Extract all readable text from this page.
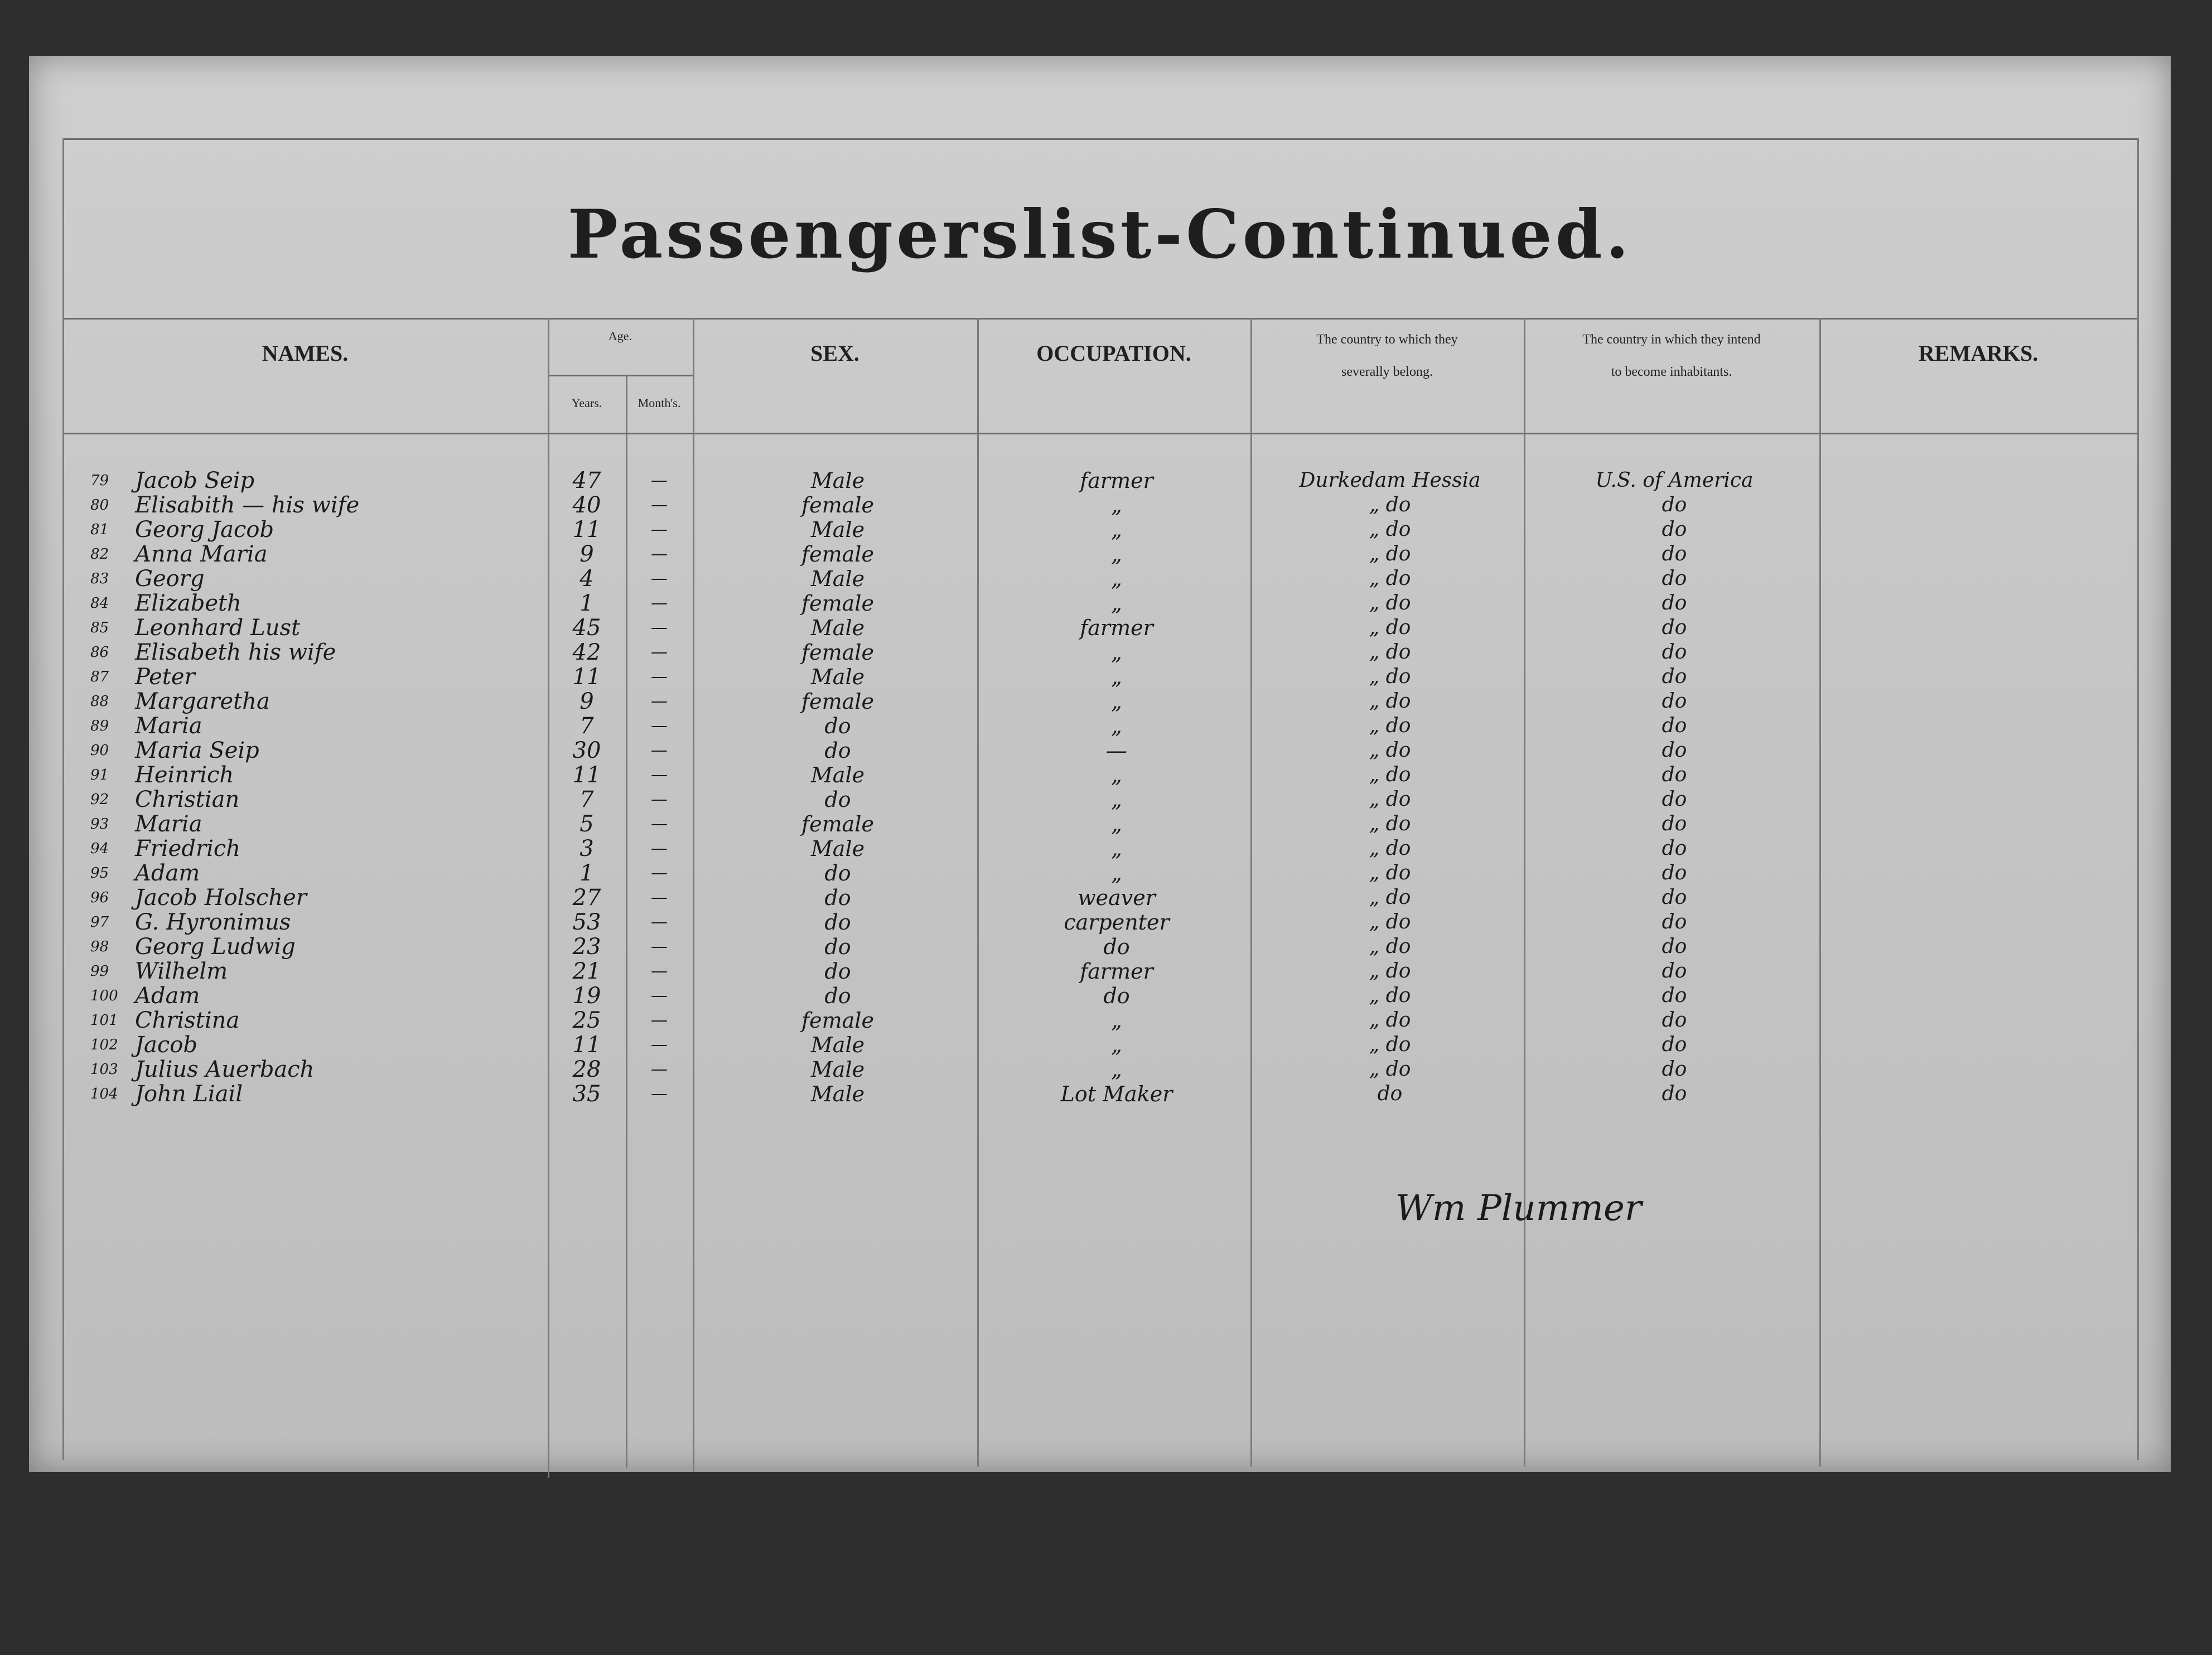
Passengerslist-Continued.
NAMES.
Age.
Years.	Month's.
SEX.	OCCUPATION.
The country to which they
severally belong.
The country in which they intend
to become inhabitants.
REMARKS.
79 Jacob Seip	47	—	Male	farmer	Durkedam Hessia	U.S. of America
80 Elisabith — his wife	40	—	female	„	„ do	do
81 Georg Jacob	11	—	Male	„	„ do	do
82 Anna Maria	9	—	female	„	„ do	do
83 Georg	4	—	Male	„	„ do	do
84 Elizabeth	1	—	female	„	„ do	do
85 Leonhard Lust	45	—	Male	farmer	„ do	do
86 Elisabeth his wife	42	—	female	„	„ do	do
87 Peter	11	—	Male	„	„ do	do
88 Margaretha	9	—	female	„	„ do	do
89 Maria	7	—	do	„	„ do	do
90 Maria Seip	30	—	do	—	„ do	do
91 Heinrich	11	—	Male	„	„ do	do
92 Christian	7	—	do	„	„ do	do
93 Maria	5	—	female	„	„ do	do
94 Friedrich	3	—	Male	„	„ do	do
95 Adam	1	—	do	„	„ do	do
96 Jacob Holscher	27	—	do	weaver	„ do	do
97 G. Hyronimus	53	—	do	carpenter	„ do	do
98 Georg Ludwig	23	—	do	do	„ do	do
99 Wilhelm	21	—	do	farmer	„ do	do
100 Adam	19	—	do	do	„ do	do
101 Christina	25	—	female	„	„ do	do
102 Jacob	11	—	Male	„	„ do	do
103 Julius Auerbach	28	—	Male	„	„ do	do
104 John Liail	35	—	Male	Lot Maker	do	do
Wm Plummer
